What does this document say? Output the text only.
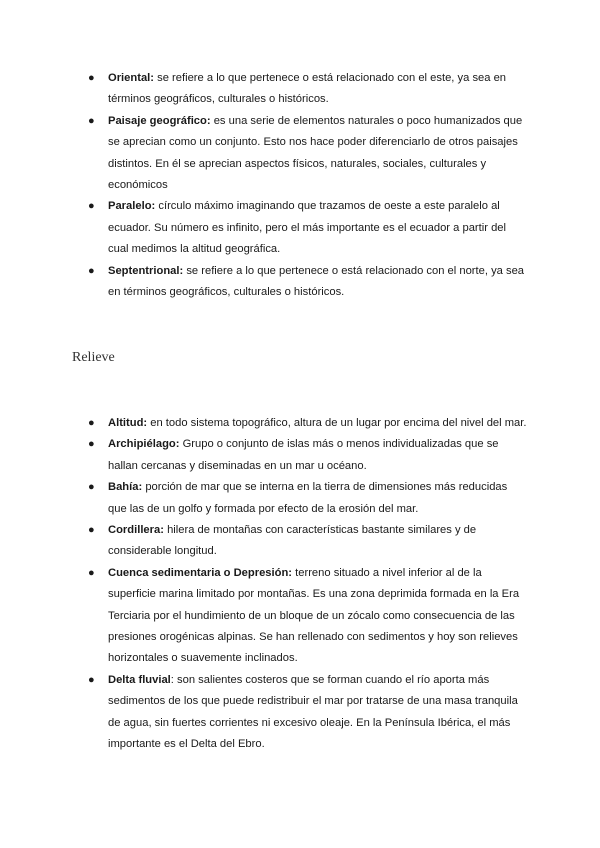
● Oriental: se refiere a lo que pertenece o está relacionado con el este, ya sea en términos geográficos, culturales o históricos.
● Paisaje geográfico: es una serie de elementos naturales o poco humanizados que se aprecian como un conjunto. Esto nos hace poder diferenciarlo de otros paisajes distintos. En él se aprecian aspectos físicos, naturales, sociales, culturales y económicos
● Paralelo: círculo máximo imaginando que trazamos de oeste a este paralelo al ecuador. Su número es infinito, pero el más importante es el ecuador a partir del cual medimos la altitud geográfica.
● Septentrional: se refiere a lo que pertenece o está relacionado con el norte, ya sea en términos geográficos, culturales o históricos.
Relieve
● Altitud: en todo sistema topográfico, altura de un lugar por encima del nivel del mar.
● Archipiélago: Grupo o conjunto de islas más o menos individualizadas que se hallan cercanas y diseminadas en un mar u océano.
● Bahía: porción de mar que se interna en la tierra de dimensiones más reducidas que las de un golfo y formada por efecto de la erosión del mar.
● Cordillera: hilera de montañas con características bastante similares y de considerable longitud.
● Cuenca sedimentaria o Depresión: terreno situado a nivel inferior al de la superficie marina limitado por montañas. Es una zona deprimida formada en la Era Terciaria por el hundimiento de un bloque de un zócalo como consecuencia de las presiones orogénicas alpinas. Se han rellenado con sedimentos y hoy son relieves horizontales o suavemente inclinados.
● Delta fluvial: son salientes costeros que se forman cuando el río aporta más sedimentos de los que puede redistribuir el mar por tratarse de una masa tranquila de agua, sin fuertes corrientes ni excesivo oleaje. En la Península Ibérica, el más importante es el Delta del Ebro.
